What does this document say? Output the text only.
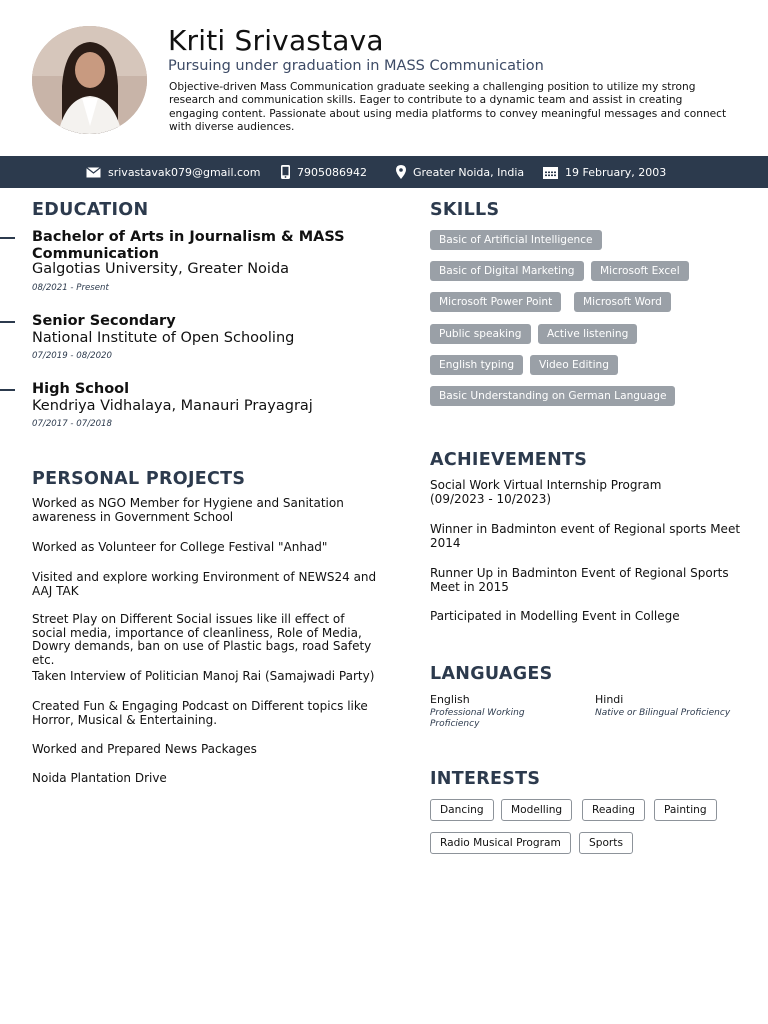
Kriti Srivastava
Pursuing under graduation in MASS Communication
Objective-driven Mass Communication graduate seeking a challenging position to utilize my strong research and communication skills. Eager to contribute to a dynamic team and assist in creating engaging content. Passionate about using media platforms to convey meaningful messages and connect with diverse audiences.
srivastavak079@gmail.com	7905086942	Greater Noida, India	19 February, 2003
EDUCATION
Bachelor of Arts in Journalism & MASS Communication
Galgotias University, Greater Noida
08/2021 - Present
Senior Secondary
National Institute of Open Schooling
07/2019 - 08/2020
High School
Kendriya Vidhalaya, Manauri Prayagraj
07/2017 - 07/2018
PERSONAL PROJECTS
Worked as NGO Member for Hygiene and Sanitation awareness in Government School
Worked as Volunteer for College Festival "Anhad"
Visited and explore working Environment of NEWS24 and AAJ TAK
Street Play on Different Social issues like ill effect of social media, importance of cleanliness, Role of Media, Dowry demands, ban on use of Plastic bags, road Safety etc.
Taken Interview of Politician Manoj Rai (Samajwadi Party)
Created Fun & Engaging Podcast on Different topics like Horror, Musical & Entertaining.
Worked and Prepared News Packages
Noida Plantation Drive
SKILLS
Basic of Artificial Intelligence
Basic of Digital Marketing	Microsoft Excel
Microsoft Power Point	Microsoft Word
Public speaking	Active listening
English typing	Video Editing
Basic Understanding on German Language
ACHIEVEMENTS
Social Work Virtual Internship Program
(09/2023 - 10/2023)
Winner in Badminton event of Regional sports Meet 2014
Runner Up in Badminton Event of Regional Sports Meet in 2015
Participated in Modelling Event in College
LANGUAGES
English
Professional Working Proficiency
Hindi
Native or Bilingual Proficiency
INTERESTS
Dancing	Modelling	Reading	Painting
Radio Musical Program	Sports
